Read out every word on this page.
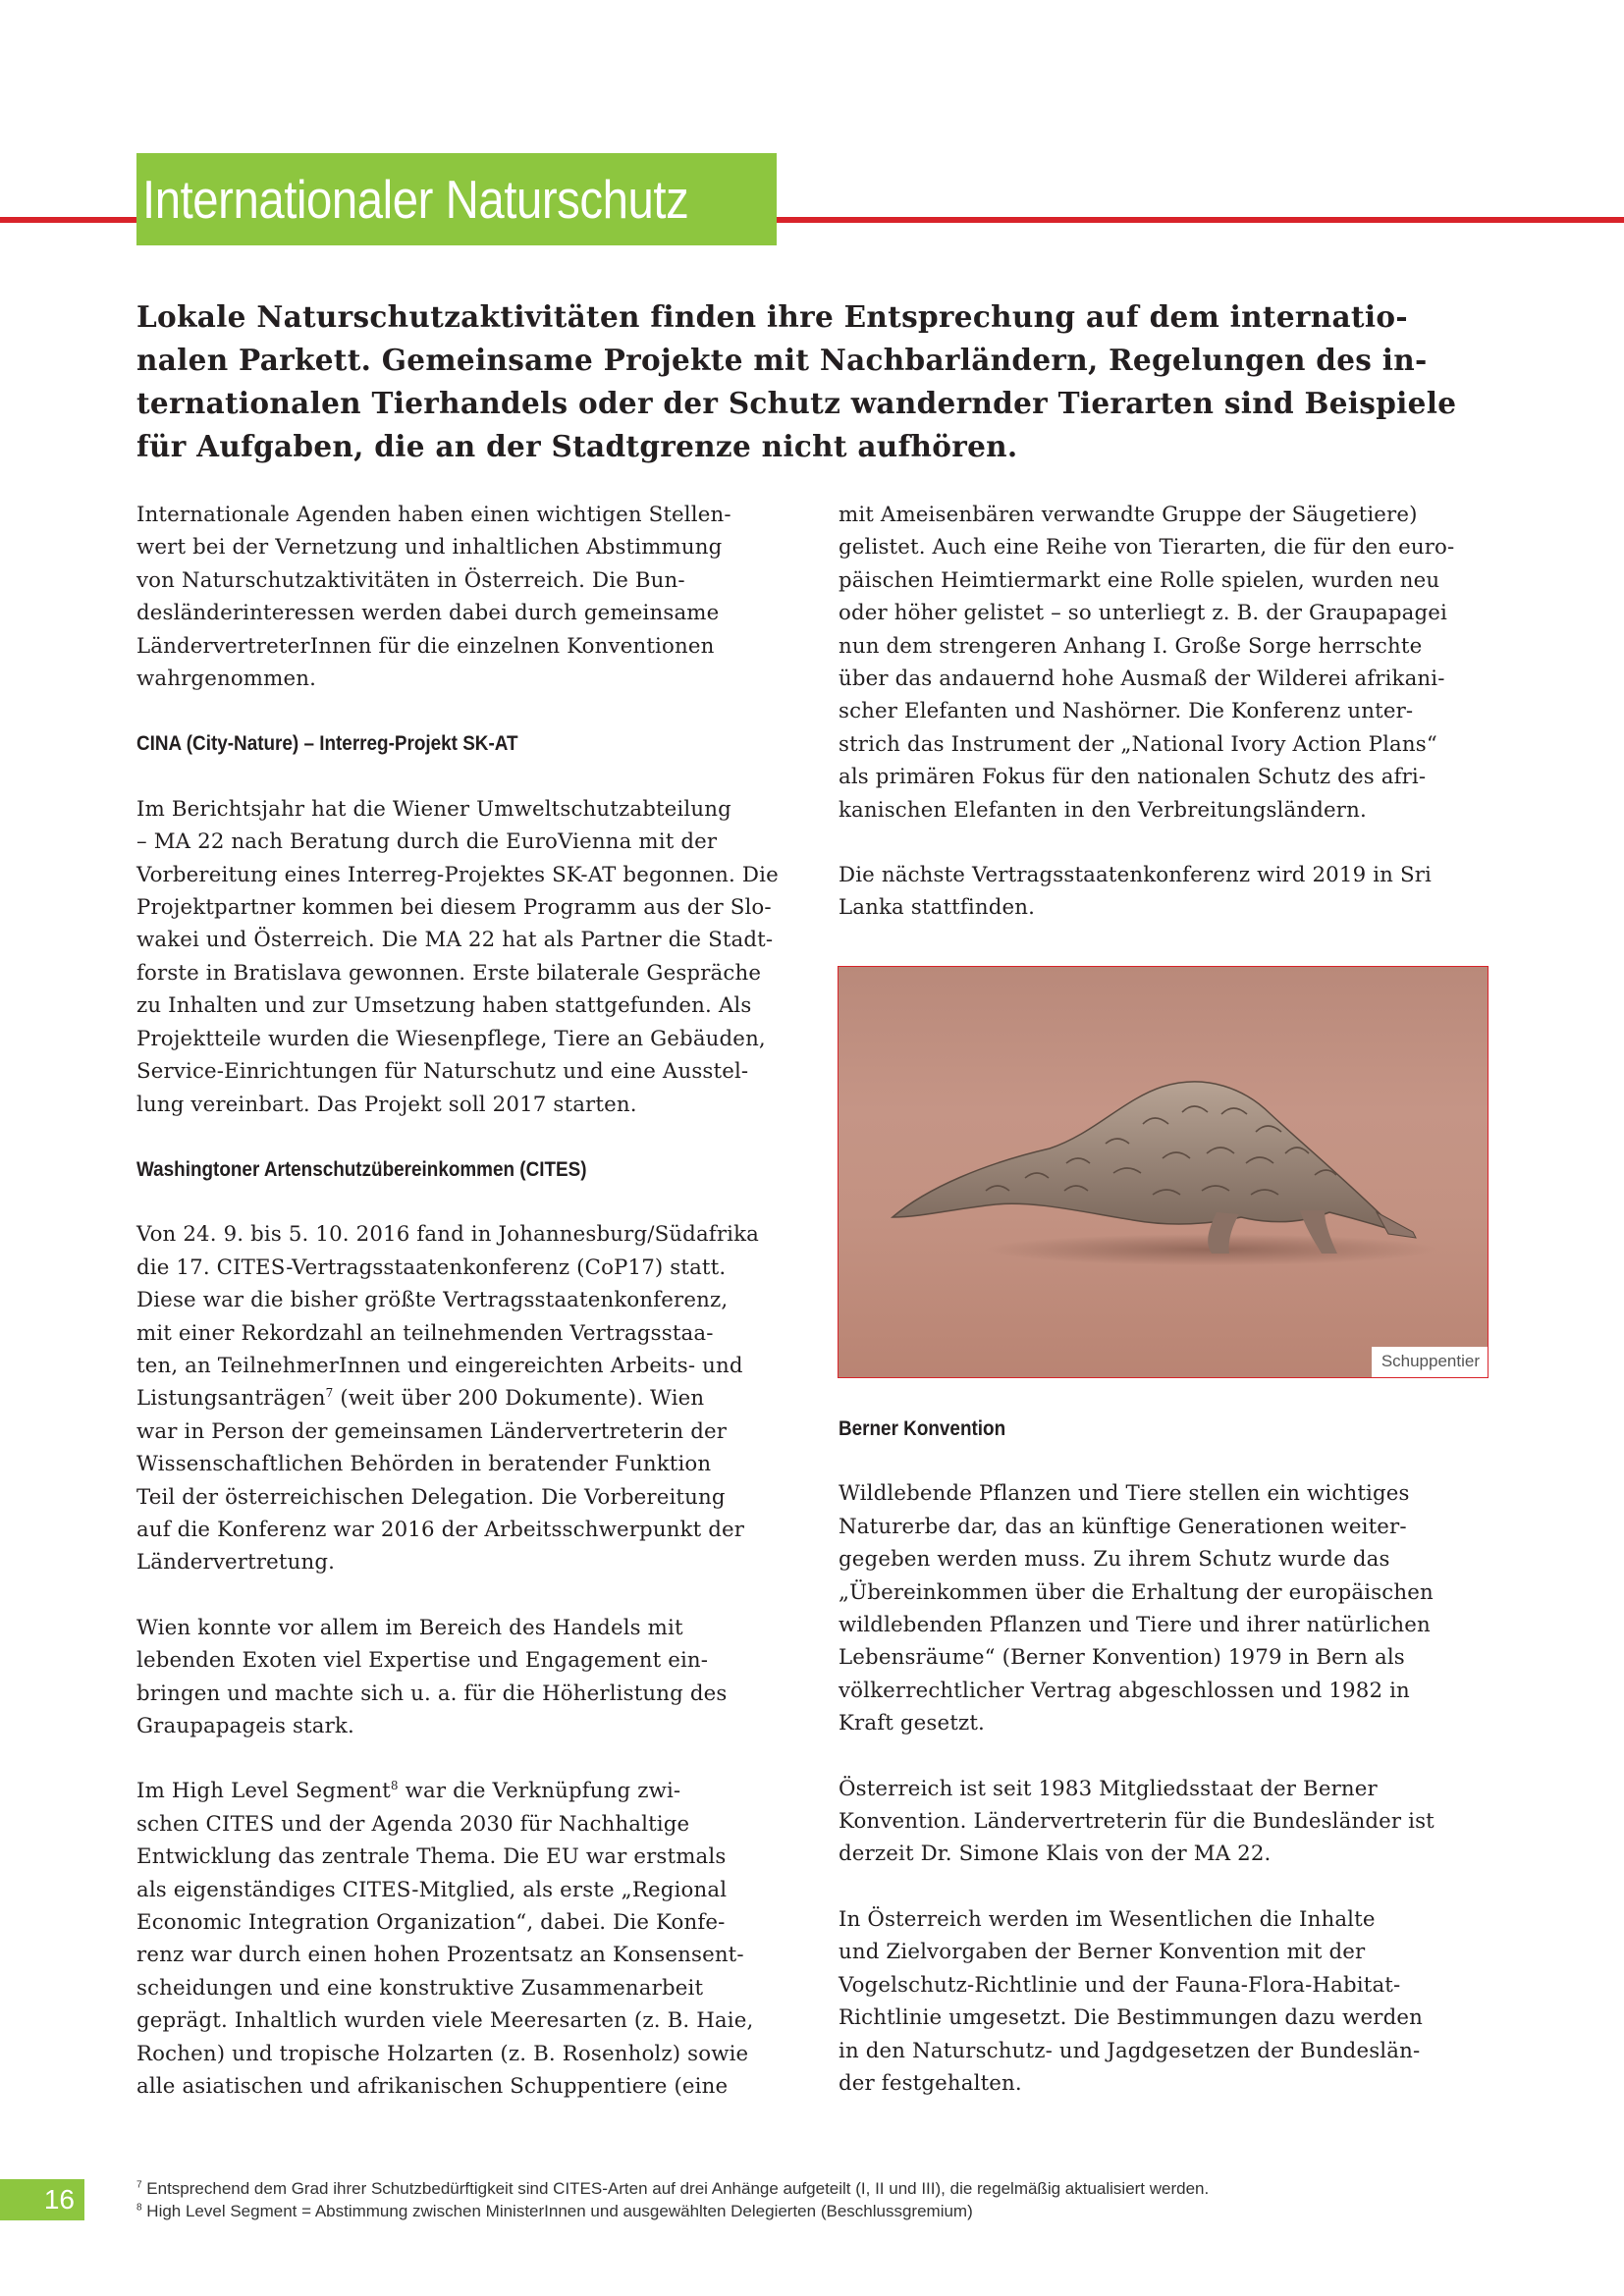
Internationaler Naturschutz

Lokale Naturschutzaktivitäten finden ihre Entsprechung auf dem internatio-
nalen Parkett. Gemeinsame Projekte mit Nachbarländern, Regelungen des in-
ternationalen Tierhandels oder der Schutz wandernder Tierarten sind Beispiele
für Aufgaben, die an der Stadtgrenze nicht aufhören.

Internationale Agenden haben einen wichtigen Stellen-
wert bei der Vernetzung und inhaltlichen Abstimmung
von Naturschutzaktivitäten in Österreich. Die Bun-
desländerinteressen werden dabei durch gemeinsame
LändervertreterInnen für die einzelnen Konventionen
wahrgenommen.

CINA (City-Nature) – Interreg-Projekt SK-AT

Im Berichtsjahr hat die Wiener Umweltschutzabteilung
– MA 22 nach Beratung durch die EuroVienna mit der
Vorbereitung eines Interreg-Projektes SK-AT begonnen. Die
Projektpartner kommen bei diesem Programm aus der Slo-
wakei und Österreich. Die MA 22 hat als Partner die Stadt-
forste in Bratislava gewonnen. Erste bilaterale Gespräche
zu Inhalten und zur Umsetzung haben stattgefunden. Als
Projektteile wurden die Wiesenpflege, Tiere an Gebäuden,
Service-Einrichtungen für Naturschutz und eine Ausstel-
lung vereinbart. Das Projekt soll 2017 starten.

Washingtoner Artenschutzübereinkommen (CITES)

Von 24. 9. bis 5. 10. 2016 fand in Johannesburg/Südafrika
die 17. CITES-Vertragsstaatenkonferenz (CoP17) statt.
Diese war die bisher größte Vertragsstaatenkonferenz,
mit einer Rekordzahl an teilnehmenden Vertragsstaa-
ten, an TeilnehmerInnen und eingereichten Arbeits- und
Listungsanträgen$^7$ (weit über 200 Dokumente). Wien
war in Person der gemeinsamen Ländervertreterin der
Wissenschaftlichen Behörden in beratender Funktion
Teil der österreichischen Delegation. Die Vorbereitung
auf die Konferenz war 2016 der Arbeitsschwerpunkt der
Ländervertretung.

Wien konnte vor allem im Bereich des Handels mit
lebenden Exoten viel Expertise und Engagement ein-
bringen und machte sich u. a. für die Höherlistung des
Graupapageis stark.

Im High Level Segment$^8$ war die Verknüpfung zwi-
schen CITES und der Agenda 2030 für Nachhaltige
Entwicklung das zentrale Thema. Die EU war erstmals
als eigenständiges CITES-Mitglied, als erste „Regional
Economic Integration Organization“, dabei. Die Konfe-
renz war durch einen hohen Prozentsatz an Konsensent-
scheidungen und eine konstruktive Zusammenarbeit
geprägt. Inhaltlich wurden viele Meeresarten (z. B. Haie,
Rochen) und tropische Holzarten (z. B. Rosenholz) sowie
alle asiatischen und afrikanischen Schuppentiere (eine

mit Ameisenbären verwandte Gruppe der Säugetiere)
gelistet. Auch eine Reihe von Tierarten, die für den euro-
päischen Heimtiermarkt eine Rolle spielen, wurden neu
oder höher gelistet – so unterliegt z. B. der Graupapagei
nun dem strengeren Anhang I. Große Sorge herrschte
über das andauernd hohe Ausmaß der Wilderei afrikani-
scher Elefanten und Nashörner. Die Konferenz unter-
strich das Instrument der „National Ivory Action Plans“
als primären Fokus für den nationalen Schutz des afri-
kanischen Elefanten in den Verbreitungsländern.

Die nächste Vertragsstaatenkonferenz wird 2019 in Sri
Lanka stattfinden.

Schuppentier
Berner Konvention

Wildlebende Pflanzen und Tiere stellen ein wichtiges
Naturerbe dar, das an künftige Generationen weiter-
gegeben werden muss. Zu ihrem Schutz wurde das
„Übereinkommen über die Erhaltung der europäischen
wildlebenden Pflanzen und Tiere und ihrer natürlichen
Lebensräume“ (Berner Konvention) 1979 in Bern als
völkerrechtlicher Vertrag abgeschlossen und 1982 in
Kraft gesetzt.

Österreich ist seit 1983 Mitgliedsstaat der Berner
Konvention. Ländervertreterin für die Bundesländer ist
derzeit Dr. Simone Klais von der MA 22.

In Österreich werden im Wesentlichen die Inhalte
und Zielvorgaben der Berner Konvention mit der
Vogelschutz-Richtlinie und der Fauna-Flora-Habitat-
Richtlinie umgesetzt. Die Bestimmungen dazu werden
in den Naturschutz- und Jagdgesetzen der Bundeslän-
der festgehalten.

16	$^7$ Entsprechend dem Grad ihrer Schutzbedürftigkeit sind CITES-Arten auf drei Anhänge aufgeteilt (I, II und III), die regelmäßig aktualisiert werden.
$^8$ High Level Segment = Abstimmung zwischen MinisterInnen und ausgewählten Delegierten (Beschlussgremium)
